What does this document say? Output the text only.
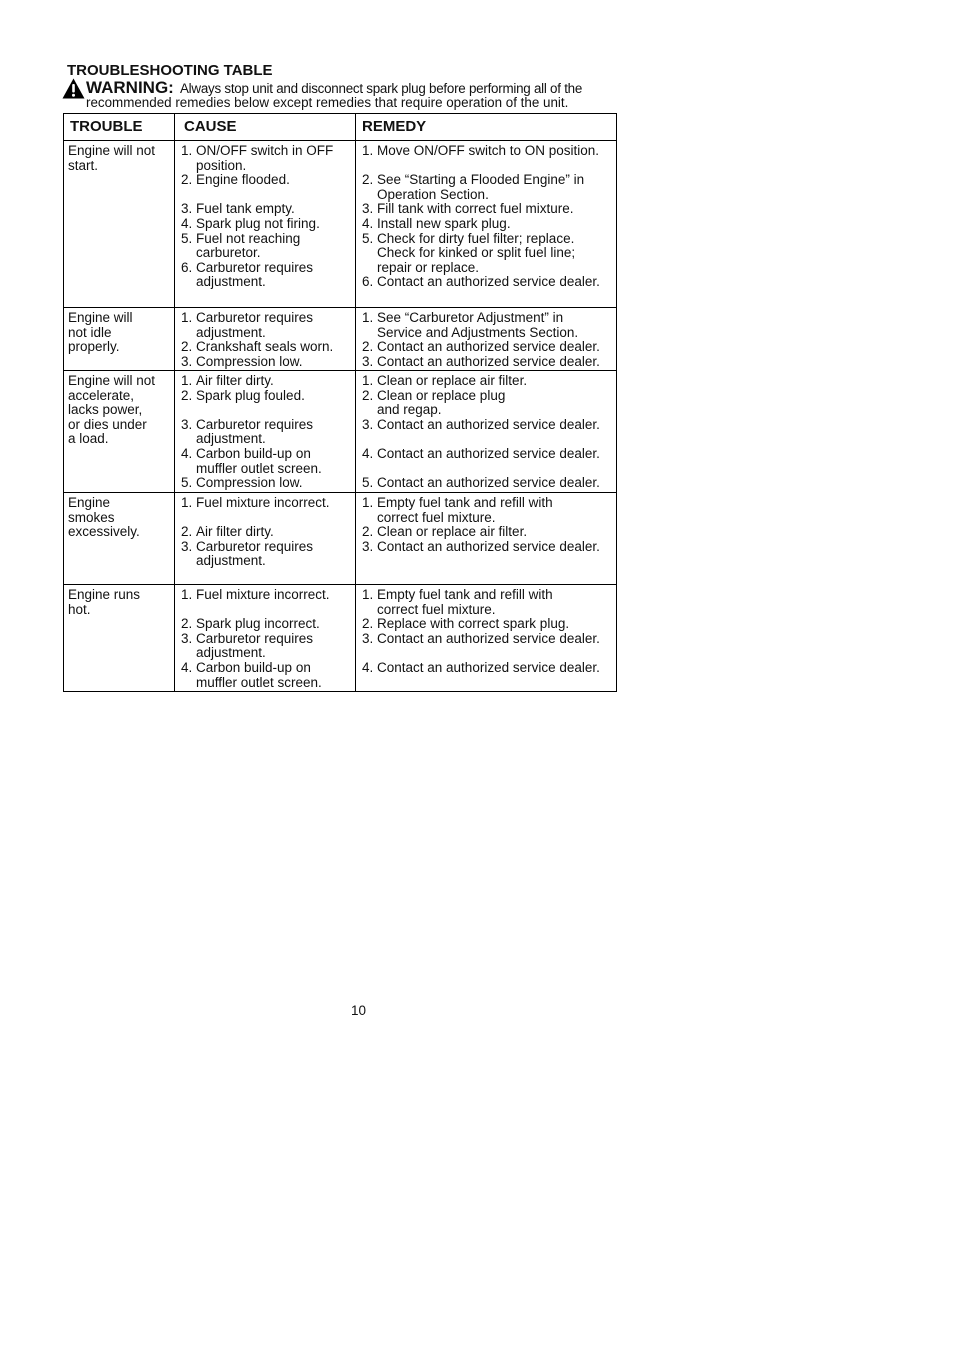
TROUBLESHOOTING TABLE
WARNING: Always stop unit and disconnect spark plug before performing all of the
recommended remedies below except remedies that require operation of the unit.
TROUBLE	CAUSE	REMEDY
Engine will not
start.
1. ON/OFF switch in OFF
position.
2. Engine flooded.
3. Fuel tank empty.
4. Spark plug not firing.
5. Fuel not reaching
carburetor.
6. Carburetor requires
adjustment.
1. Move ON/OFF switch to ON position.
2. See “Starting a Flooded Engine” in
Operation Section.
3. Fill tank with correct fuel mixture.
4. Install new spark plug.
5. Check for dirty fuel filter; replace.
Check for kinked or split fuel line;
repair or replace.
6. Contact an authorized service dealer.
Engine will
not idle
properly.
1. Carburetor requires
adjustment.
2. Crankshaft seals worn.
3. Compression low.
1. See “Carburetor Adjustment” in
Service and Adjustments Section.
2. Contact an authorized service dealer.
3. Contact an authorized service dealer.
Engine will not
accelerate,
lacks power,
or dies under
a load.
1. Air filter dirty.
2. Spark plug fouled.
3. Carburetor requires
adjustment.
4. Carbon build-up on
muffler outlet screen.
5. Compression low.
1. Clean or replace air filter.
2. Clean or replace plug
and regap.
3. Contact an authorized service dealer.
4. Contact an authorized service dealer.
5. Contact an authorized service dealer.
Engine
smokes
excessively.
1. Fuel mixture incorrect.
2. Air filter dirty.
3. Carburetor requires
adjustment.
1. Empty fuel tank and refill with
correct fuel mixture.
2. Clean or replace air filter.
3. Contact an authorized service dealer.
Engine runs
hot.
1. Fuel mixture incorrect.
2. Spark plug incorrect.
3. Carburetor requires
adjustment.
4. Carbon build-up on
muffler outlet screen.
1. Empty fuel tank and refill with
correct fuel mixture.
2. Replace with correct spark plug.
3. Contact an authorized service dealer.
4. Contact an authorized service dealer.
10
